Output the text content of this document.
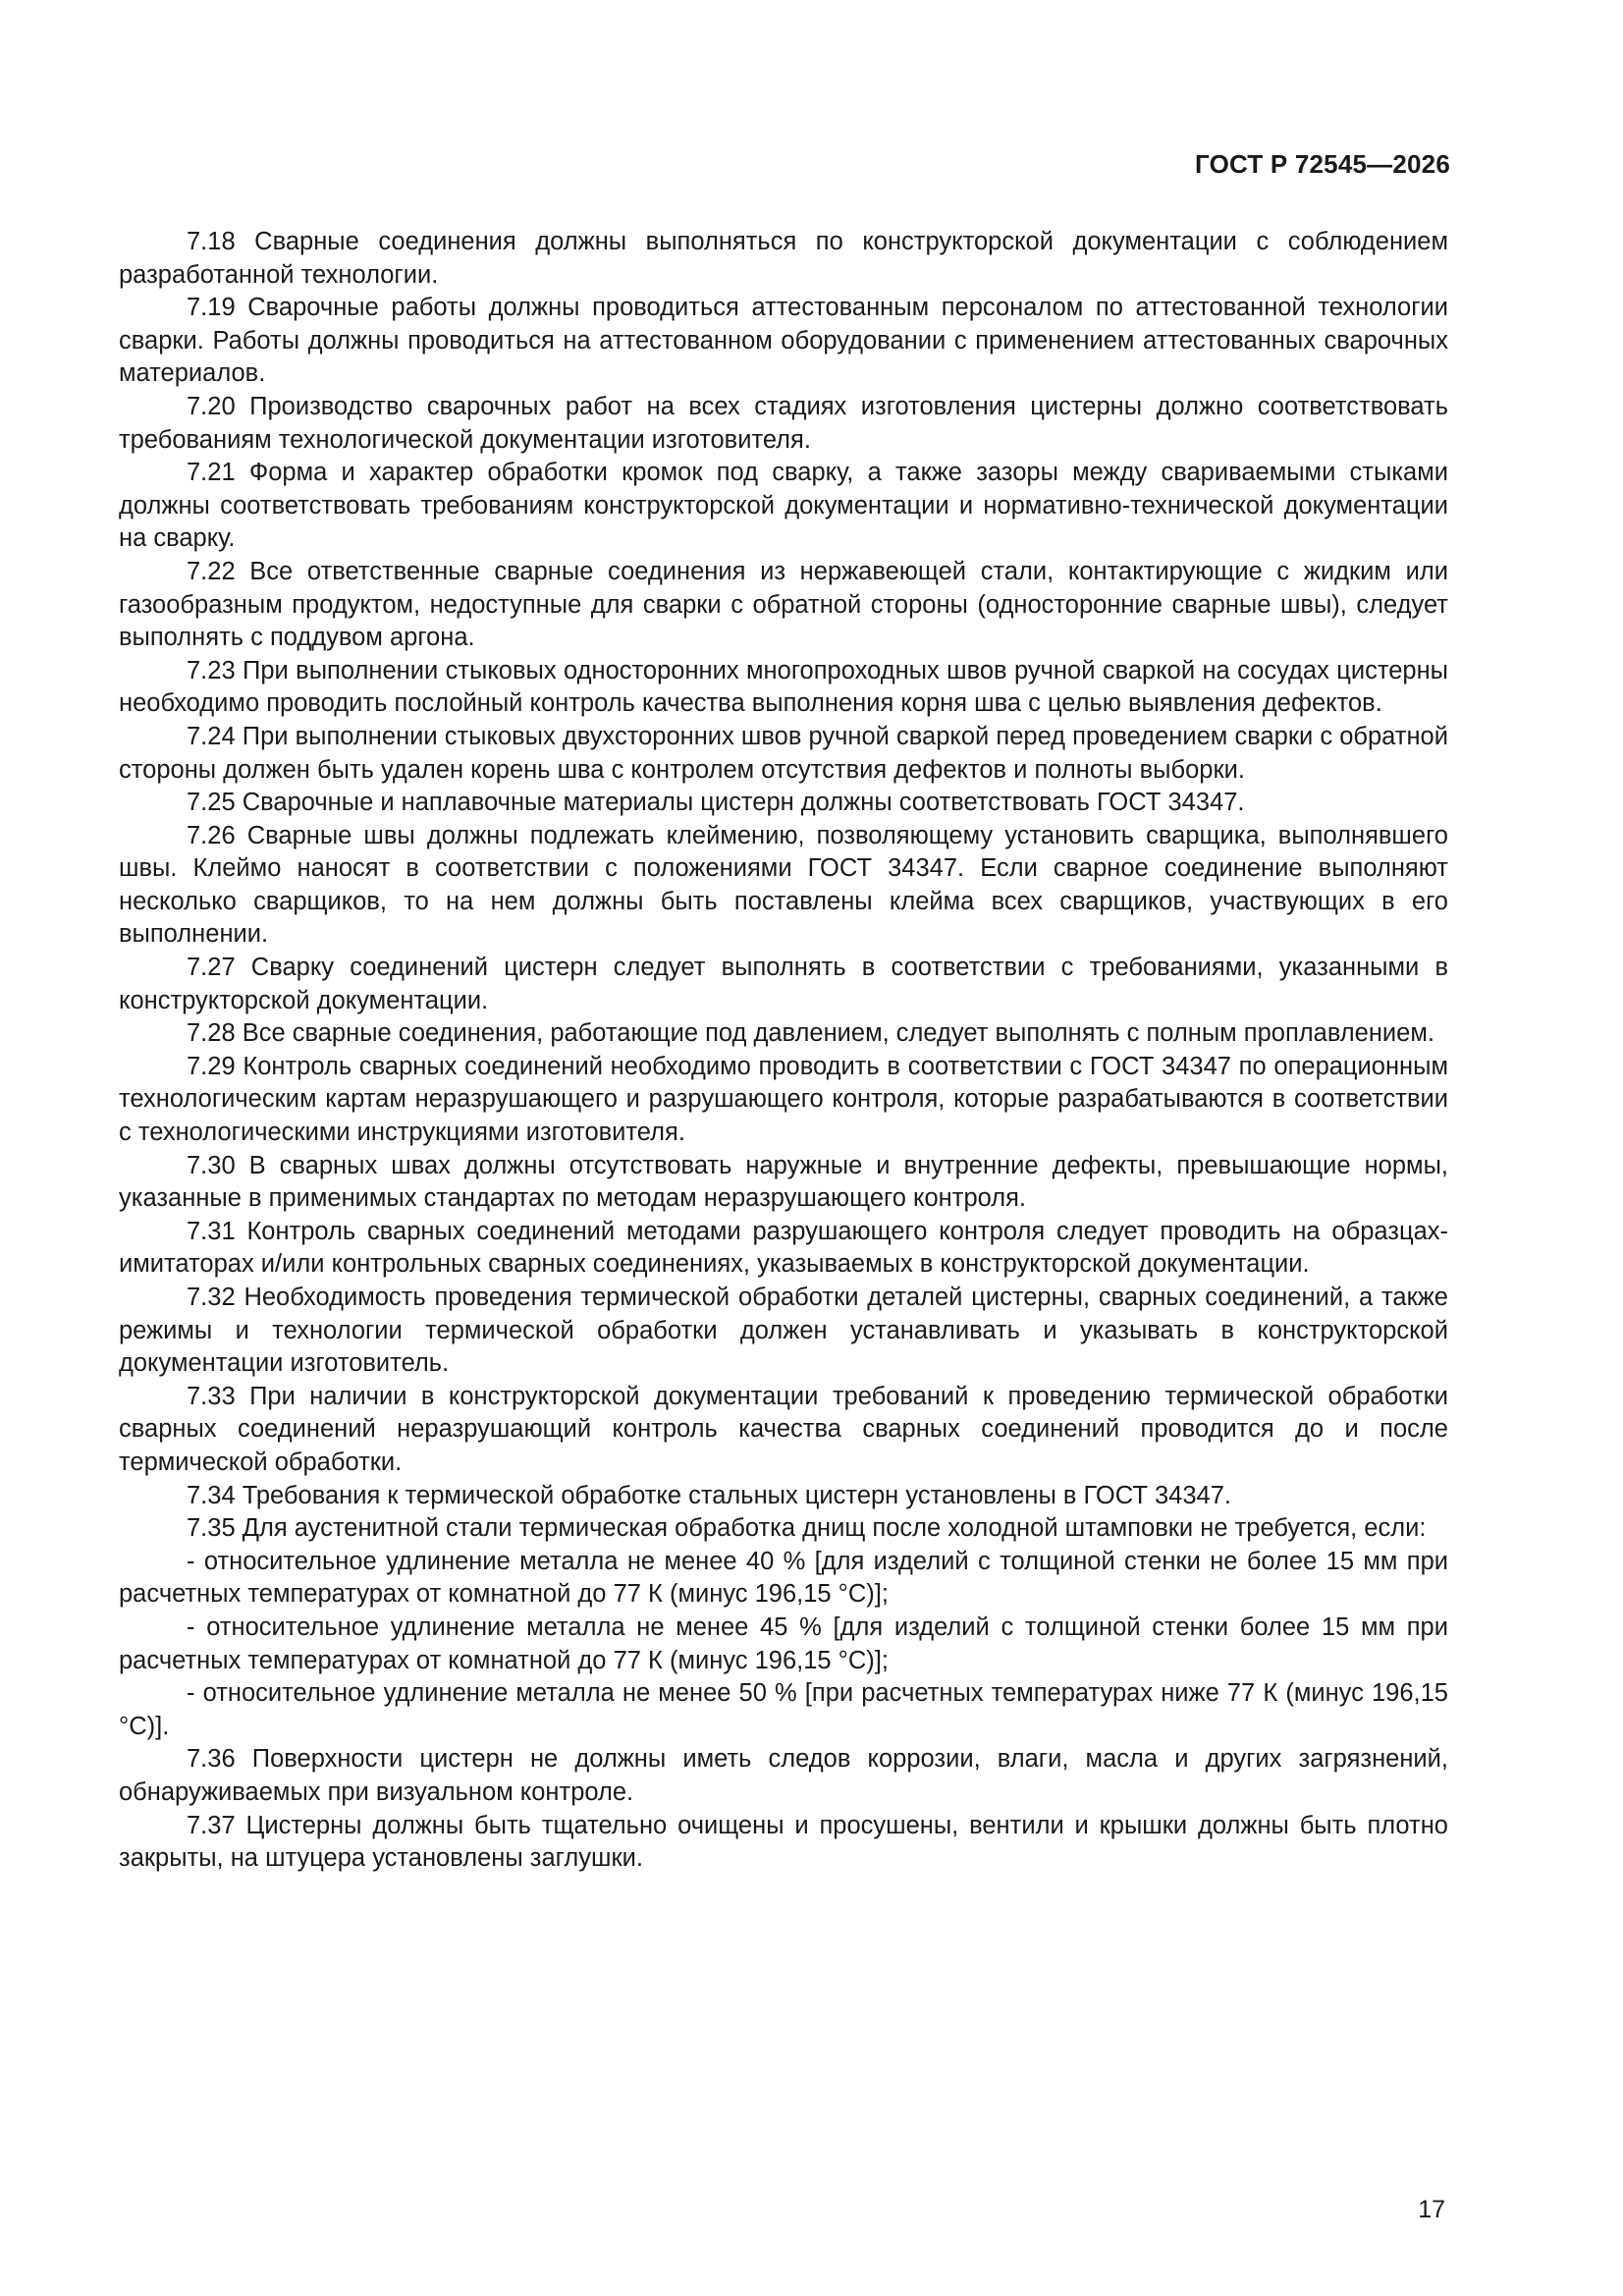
ГОСТ Р 72545—2026

7.18 Сварные соединения должны выполняться по конструкторской документации с соблюдением разработанной технологии.

7.19 Сварочные работы должны проводиться аттестованным персоналом по аттестованной технологии сварки. Работы должны проводиться на аттестованном оборудовании с применением аттестованных сварочных материалов.

7.20 Производство сварочных работ на всех стадиях изготовления цистерны должно соответствовать требованиям технологической документации изготовителя.

7.21 Форма и характер обработки кромок под сварку, а также зазоры между свариваемыми стыками должны соответствовать требованиям конструкторской документации и нормативно-технической документации на сварку.

7.22 Все ответственные сварные соединения из нержавеющей стали, контактирующие с жидким или газообразным продуктом, недоступные для сварки с обратной стороны (односторонние сварные швы), следует выполнять с поддувом аргона.

7.23 При выполнении стыковых односторонних многопроходных швов ручной сваркой на сосудах цистерны необходимо проводить послойный контроль качества выполнения корня шва с целью выявления дефектов.

7.24 При выполнении стыковых двухсторонних швов ручной сваркой перед проведением сварки с обратной стороны должен быть удален корень шва с контролем отсутствия дефектов и полноты выборки.

7.25 Сварочные и наплавочные материалы цистерн должны соответствовать ГОСТ 34347.

7.26 Сварные швы должны подлежать клеймению, позволяющему установить сварщика, выполнявшего швы. Клеймо наносят в соответствии с положениями ГОСТ 34347. Если сварное соединение выполняют несколько сварщиков, то на нем должны быть поставлены клейма всех сварщиков, участвующих в его выполнении.

7.27 Сварку соединений цистерн следует выполнять в соответствии с требованиями, указанными в конструкторской документации.

7.28 Все сварные соединения, работающие под давлением, следует выполнять с полным проплавлением.

7.29 Контроль сварных соединений необходимо проводить в соответствии с ГОСТ 34347 по операционным технологическим картам неразрушающего и разрушающего контроля, которые разрабатываются в соответствии с технологическими инструкциями изготовителя.

7.30 В сварных швах должны отсутствовать наружные и внутренние дефекты, превышающие нормы, указанные в применимых стандартах по методам неразрушающего контроля.

7.31 Контроль сварных соединений методами разрушающего контроля следует проводить на образцах-имитаторах и/или контрольных сварных соединениях, указываемых в конструкторской документации.

7.32 Необходимость проведения термической обработки деталей цистерны, сварных соединений, а также режимы и технологии термической обработки должен устанавливать и указывать в конструкторской документации изготовитель.

7.33 При наличии в конструкторской документации требований к проведению термической обработки сварных соединений неразрушающий контроль качества сварных соединений проводится до и после термической обработки.

7.34 Требования к термической обработке стальных цистерн установлены в ГОСТ 34347.

7.35 Для аустенитной стали термическая обработка днищ после холодной штамповки не требуется, если:

- относительное удлинение металла не менее 40 % [для изделий с толщиной стенки не более 15 мм при расчетных температурах от комнатной до 77 К (минус 196,15 °С)];

- относительное удлинение металла не менее 45 % [для изделий с толщиной стенки более 15 мм при расчетных температурах от комнатной до 77 К (минус 196,15 °С)];

- относительное удлинение металла не менее 50 % [при расчетных температурах ниже 77 К (минус 196,15 °С)].

7.36 Поверхности цистерн не должны иметь следов коррозии, влаги, масла и других загрязнений, обнаруживаемых при визуальном контроле.

7.37 Цистерны должны быть тщательно очищены и просушены, вентили и крышки должны быть плотно закрыты, на штуцера установлены заглушки.

17
